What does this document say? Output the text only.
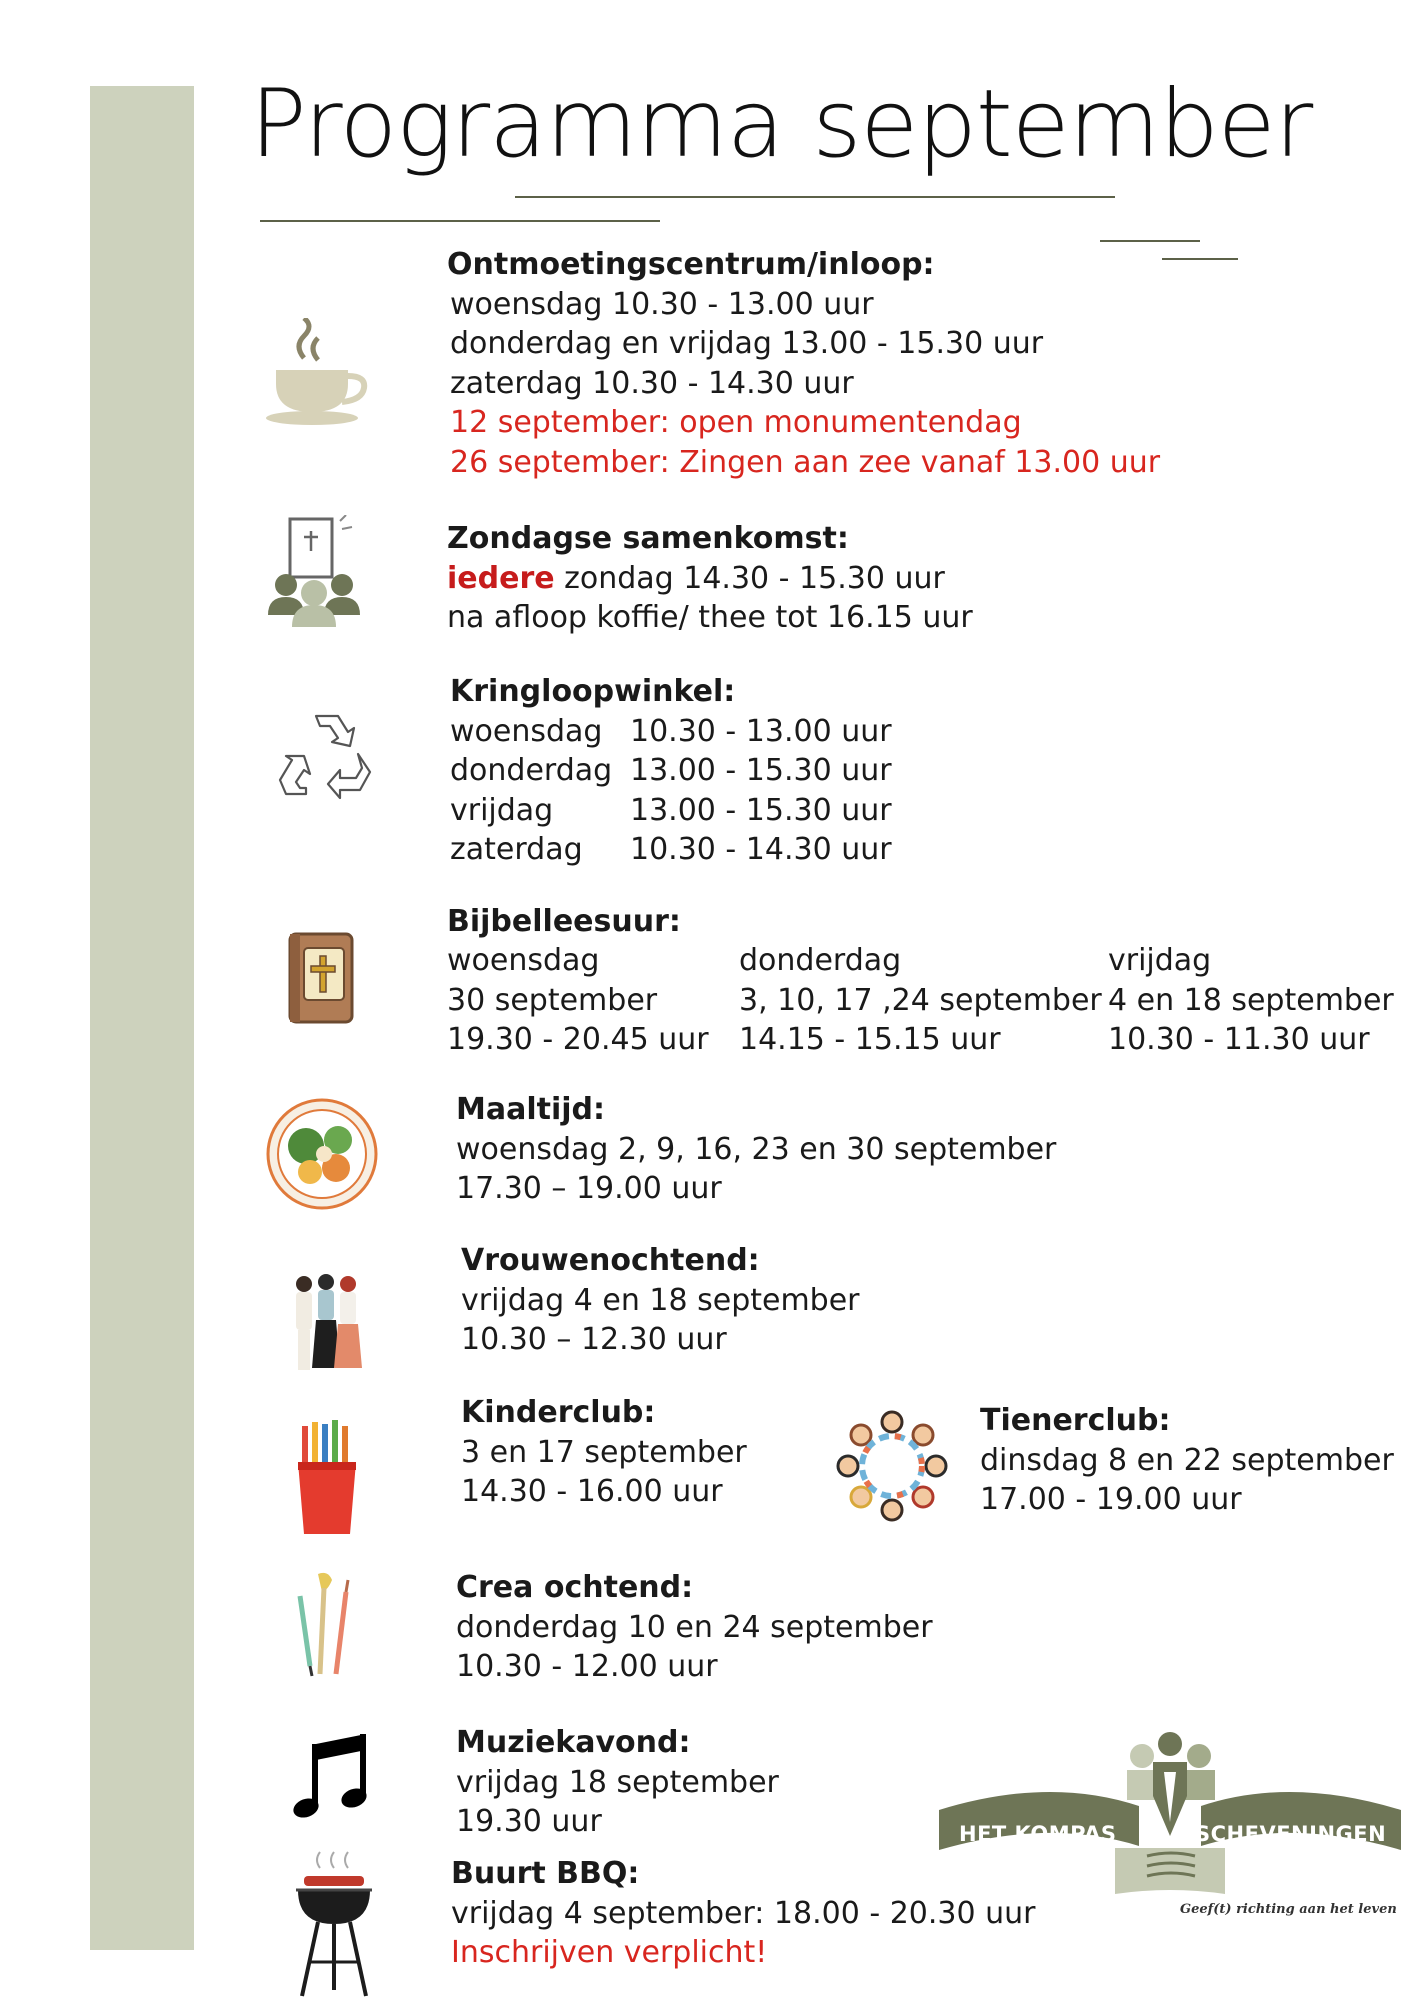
Programma september
Ontmoetingscentrum/inloop:
woensdag 10.30 - 13.00 uur
donderdag en vrijdag 13.00 - 15.30 uur
zaterdag 10.30 - 14.30 uur
12 september: open monumentendag
26 september: Zingen aan zee vanaf 13.00 uur
Zondagse samenkomst:
iedere zondag 14.30 - 15.30 uur
na afloop koffie/ thee tot 16.15 uur
Kringloopwinkel:
woensdag 10.30 - 13.00 uur
donderdag 13.00 - 15.30 uur
vrijdag	13.00 - 15.30 uur
zaterdag 10.30 - 14.30 uur
Bijbelleesuur:
woensdag
30 september
19.30 - 20.45 uur
donderdag
3, 10, 17 ,24 september
14.15 - 15.15 uur
vrijdag
4 en 18 september
10.30 - 11.30 uur
Maaltijd:
woensdag 2, 9, 16, 23 en 30 september
17.30 – 19.00 uur
Vrouwenochtend:
vrijdag 4 en 18 september
10.30 – 12.30 uur
Kinderclub:
3 en 17 september
14.30 - 16.00 uur
Tienerclub:
dinsdag 8 en 22 september
17.00 - 19.00 uur
Crea ochtend:
donderdag 10 en 24 september
10.30 - 12.00 uur
Muziekavond:
vrijdag 18 september
19.30 uur
Buurt BBQ:
vrijdag 4 september: 18.00 - 20.30 uur
Inschrijven verplicht!
HET KOMPAS	SCHEVENINGEN
Geef(t) richting aan het leven
